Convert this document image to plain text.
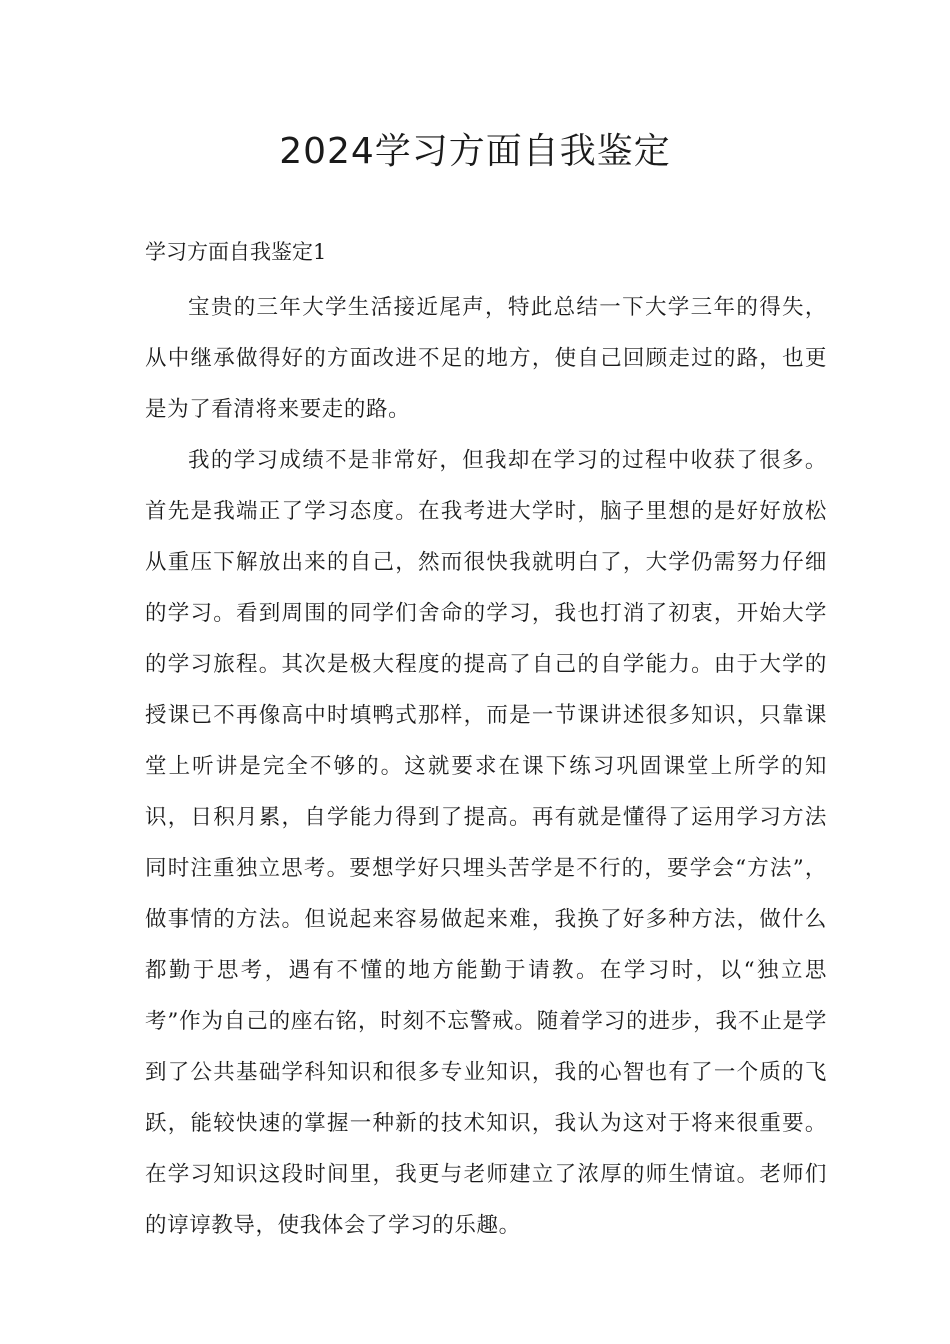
2024学习方面自我鉴定
学习方面自我鉴定1

宝贵的三年大学生活接近尾声，特此总结一下大学三年的得失，从中继承做得好的方面改进不足的地方，使自己回顾走过的路，也更是为了看清将来要走的路。

我的学习成绩不是非常好，但我却在学习的过程中收获了很多。首先是我端正了学习态度。在我考进大学时，脑子里想的是好好放松从重压下解放出来的自己，然而很快我就明白了，大学仍需努力仔细的学习。看到周围的同学们舍命的学习，我也打消了初衷，开始大学的学习旅程。其次是极大程度的提高了自己的自学能力。由于大学的授课已不再像高中时填鸭式那样，而是一节课讲述很多知识，只靠课堂上听讲是完全不够的。这就要求在课下练习巩固课堂上所学的知识，日积月累，自学能力得到了提高。再有就是懂得了运用学习方法同时注重独立思考。要想学好只埋头苦学是不行的，要学会“方法”，做事情的方法。但说起来容易做起来难，我换了好多种方法，做什么都勤于思考，遇有不懂的地方能勤于请教。在学习时，以“独立思考”作为自己的座右铭，时刻不忘警戒。随着学习的进步，我不止是学到了公共基础学科知识和很多专业知识，我的心智也有了一个质的飞跃，能较快速的掌握一种新的技术知识，我认为这对于将来很重要。在学习知识这段时间里，我更与老师建立了浓厚的师生情谊。老师们的谆谆教导，使我体会了学习的乐趣。
